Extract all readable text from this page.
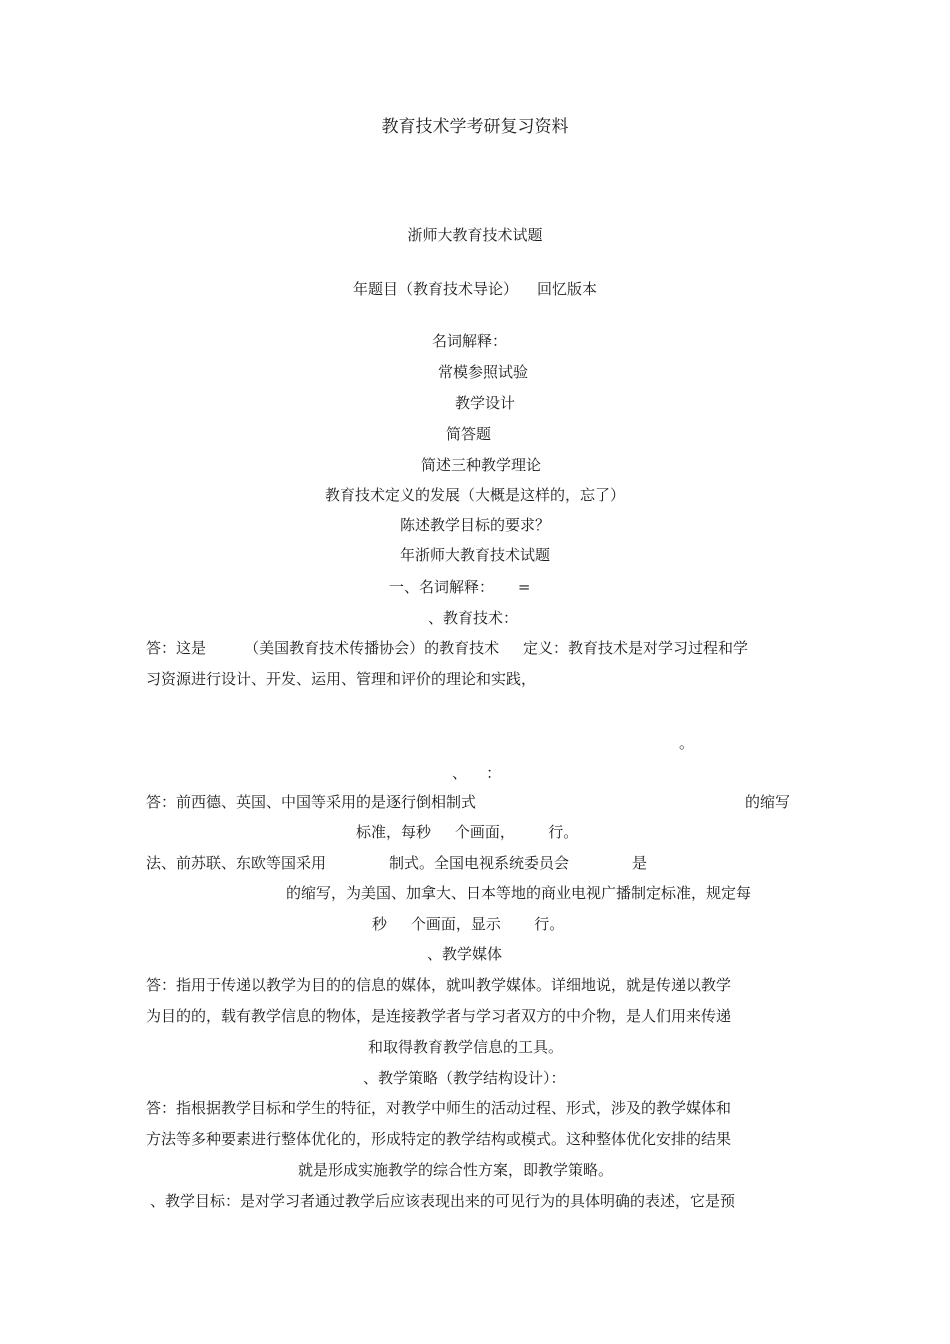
教育技术学考研复习资料
浙师大教育技术试题
年题目（教育技术导论）    回忆版本
名词解释：
常模参照试验
教学设计
简答题
简述三种教学理论
教育技术定义的发展（大概是这样的，忘了）
陈述教学目标的要求？
年浙师大教育技术试题
一、名词解释：     =
、教育技术：
答：这是        （美国教育技术传播协会）的教育技术     定义：教育技术是对学习过程和学
习资源进行设计、开发、运用、管理和评价的理论和实践，
。
、    ：
答：前西德、英国、中国等采用的是逐行倒相制式	的缩写
标准，每秒     个画面，       行。
法、前苏联、东欧等国采用	制式。全国电视系统委员会	是
的缩写，为美国、加拿大、日本等地的商业电视广播制定标准，规定每
秒     个画面，显示       行。
、教学媒体
答：指用于传递以教学为目的的信息的媒体，就叫教学媒体。详细地说，就是传递以教学
为目的的，载有教学信息的物体，是连接教学者与学习者双方的中介物，是人们用来传递
和取得教育教学信息的工具。
、教学策略（教学结构设计）：
答：指根据教学目标和学生的特征，对教学中师生的活动过程、形式，涉及的教学媒体和
方法等多种要素进行整体优化的，形成特定的教学结构或模式。这种整体优化安排的结果
就是形成实施教学的综合性方案，即教学策略。
、教学目标：是对学习者通过教学后应该表现出来的可见行为的具体明确的表述，它是预
